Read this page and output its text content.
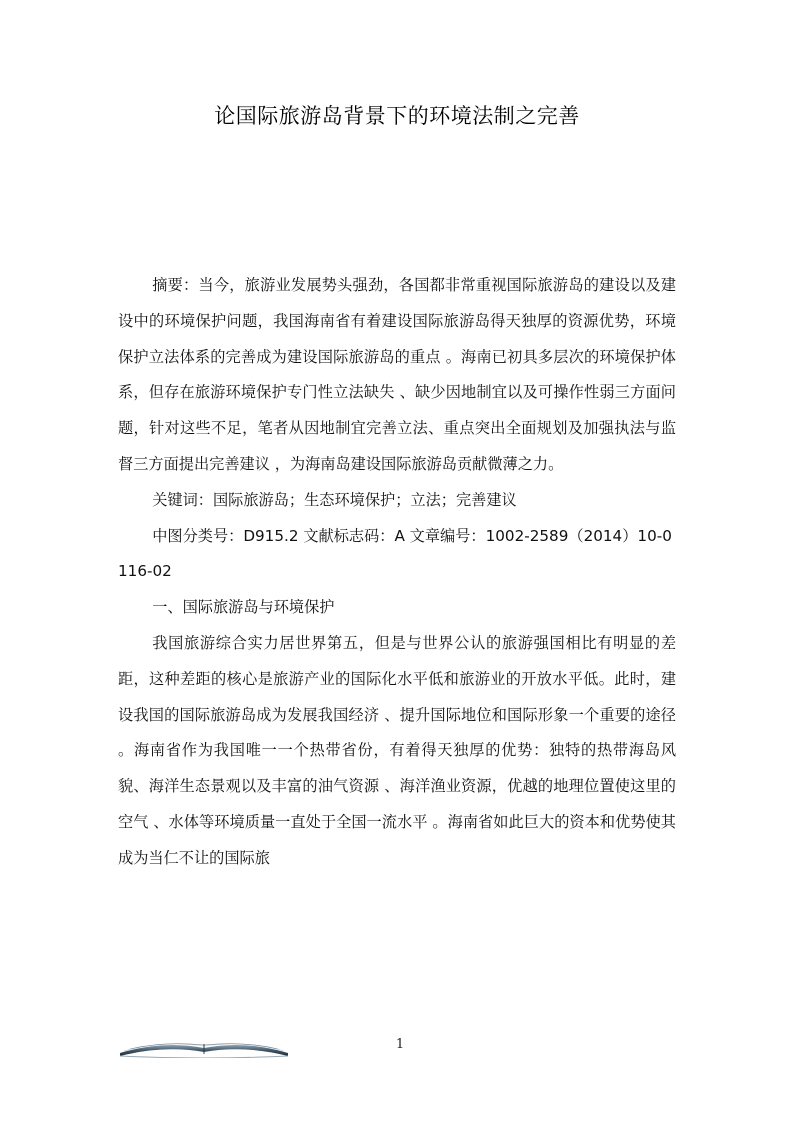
论国际旅游岛背景下的环境法制之完善

摘要：当今，旅游业发展势头强劲，各国都非常重视国际旅游岛的建设以及建设中的环境保护问题，我国海南省有着建设国际旅游岛得天独厚的资源优势，环境保护立法体系的完善成为建设国际旅游岛的重点 。海南已初具多层次的环境保护体系，但存在旅游环境保护专门性立法缺失 、缺少因地制宜以及可操作性弱三方面问题，针对这些不足，笔者从因地制宜完善立法、重点突出全面规划及加强执法与监督三方面提出完善建议 ，为海南岛建设国际旅游岛贡献微薄之力。

关键词：国际旅游岛；生态环境保护；立法；完善建议

中图分类号：D915.2 文献标志码：A 文章编号：1002-2589（2014）10-0116-02

一、国际旅游岛与环境保护

我国旅游综合实力居世界第五，但是与世界公认的旅游强国相比有明显的差距，这种差距的核心是旅游产业的国际化水平低和旅游业的开放水平低。此时，建设我国的国际旅游岛成为发展我国经济 、提升国际地位和国际形象一个重要的途径 。海南省作为我国唯一一个热带省份，有着得天独厚的优势：独特的热带海岛风貌、海洋生态景观以及丰富的油气资源 、海洋渔业资源，优越的地理位置使这里的空气 、水体等环境质量一直处于全国一流水平 。海南省如此巨大的资本和优势使其成为当仁不让的国际旅

1
